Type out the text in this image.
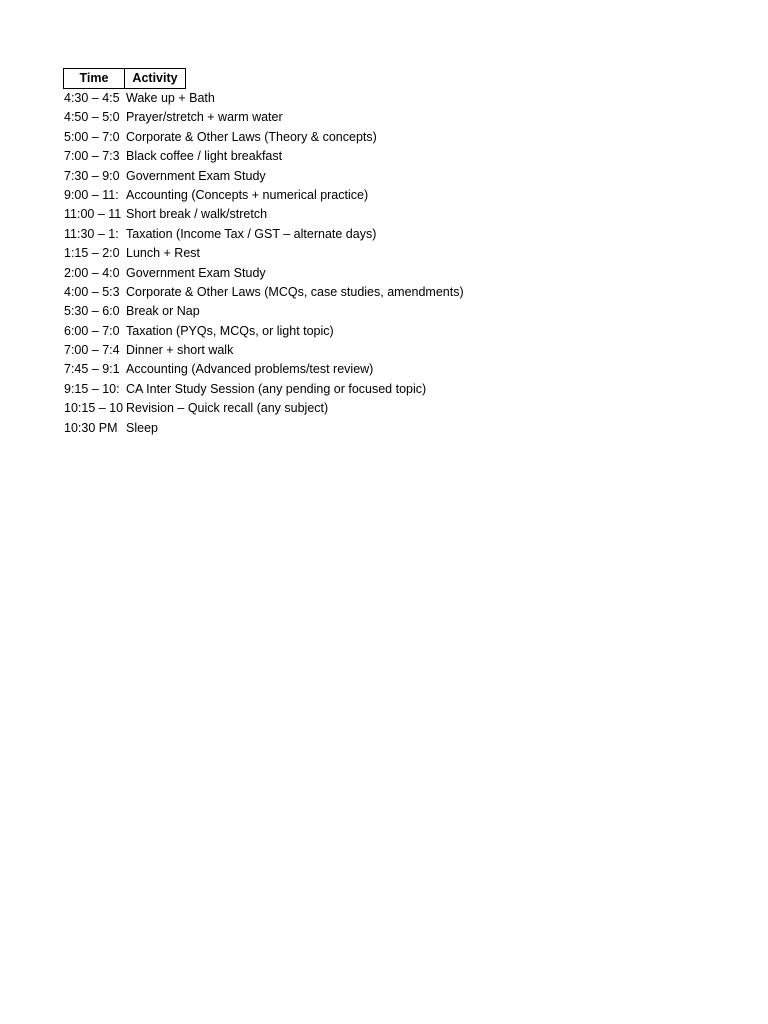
Time	Activity
4:30 – 4:5 Wake up + Bath
4:50 – 5:0 Prayer/stretch + warm water
5:00 – 7:0 Corporate & Other Laws (Theory & concepts)
7:00 – 7:3 Black coffee / light breakfast
7:30 – 9:0 Government Exam Study
9:00 – 11: Accounting (Concepts + numerical practice)
11:00 – 11 Short break / walk/stretch
11:30 – 1: Taxation (Income Tax / GST – alternate days)
1:15 – 2:0 Lunch + Rest
2:00 – 4:0 Government Exam Study
4:00 – 5:3 Corporate & Other Laws (MCQs, case studies, amendments)
5:30 – 6:0 Break or Nap
6:00 – 7:0 Taxation (PYQs, MCQs, or light topic)
7:00 – 7:4 Dinner + short walk
7:45 – 9:1 Accounting (Advanced problems/test review)
9:15 – 10: CA Inter Study Session (any pending or focused topic)
10:15 – 10 Revision – Quick recall (any subject)
10:30 PM Sleep
